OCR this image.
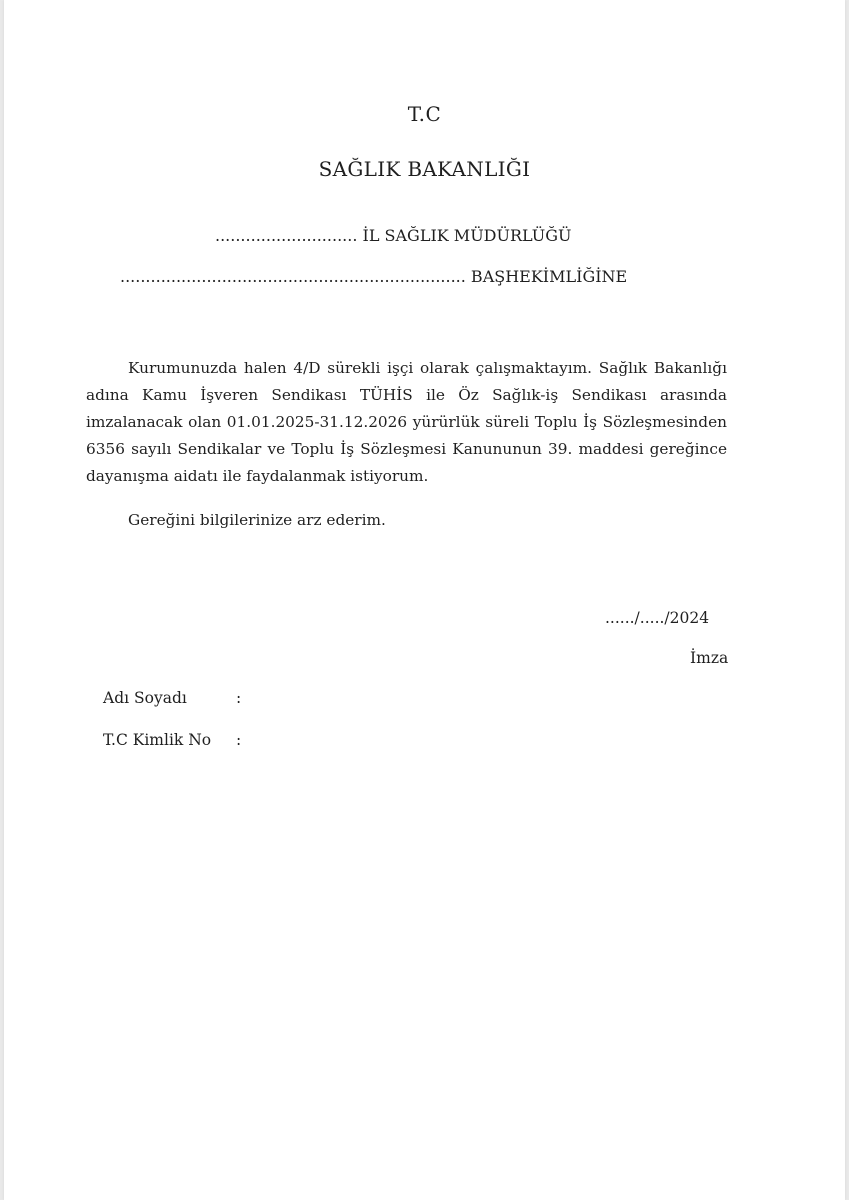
T.C
SAĞLIK BAKANLIĞI
............................ İL SAĞLIK MÜDÜRLÜĞÜ
.................................................................... BAŞHEKİMLİĞİNE

Kurumunuzda halen 4/D sürekli işçi olarak çalışmaktayım. Sağlık Bakanlığı adına Kamu İşveren Sendikası TÜHİS ile Öz Sağlık-iş Sendikası arasında imzalanacak olan 01.01.2025-31.12.2026 yürürlük süreli Toplu İş Sözleşmesinden 6356 sayılı Sendikalar ve Toplu İş Sözleşmesi Kanununun 39. maddesi gereğince dayanışma aidatı ile faydalanmak istiyorum.

Gereğini bilgilerinize arz ederim.
....../...../2024
İmza
Adı Soyadı	:
T.C Kimlik No :
